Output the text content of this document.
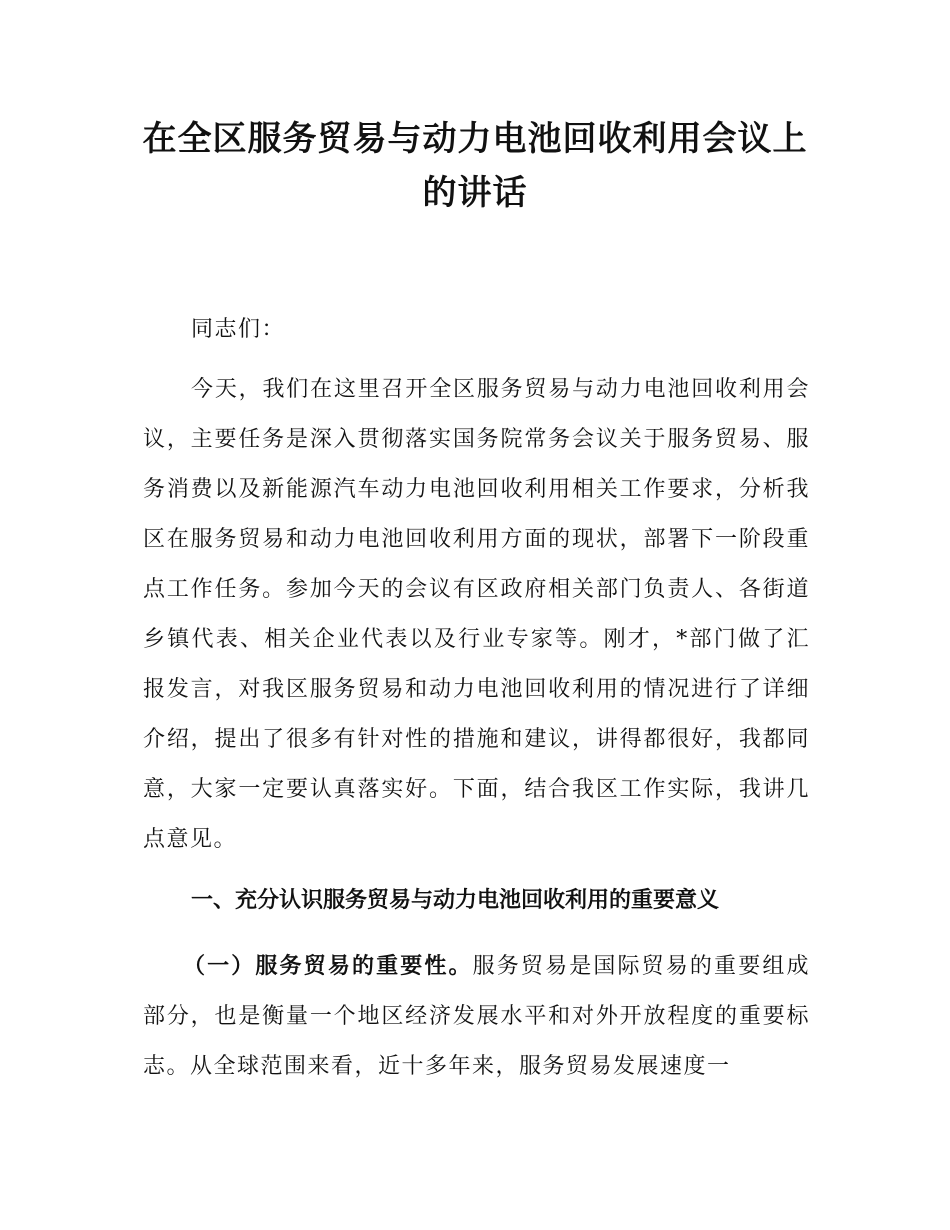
在全区服务贸易与动力电池回收利用会议上的讲话

同志们：

今天，我们在这里召开全区服务贸易与动力电池回收利用会议，主要任务是深入贯彻落实国务院常务会议关于服务贸易、服务消费以及新能源汽车动力电池回收利用相关工作要求，分析我区在服务贸易和动力电池回收利用方面的现状，部署下一阶段重点工作任务。参加今天的会议有区政府相关部门负责人、各街道乡镇代表、相关企业代表以及行业专家等。刚才，*部门做了汇报发言，对我区服务贸易和动力电池回收利用的情况进行了详细介绍，提出了很多有针对性的措施和建议，讲得都很好，我都同意，大家一定要认真落实好。下面，结合我区工作实际，我讲几点意见。

一、充分认识服务贸易与动力电池回收利用的重要意义

（一）服务贸易的重要性。服务贸易是国际贸易的重要组成部分，也是衡量一个地区经济发展水平和对外开放程度的重要标志。从全球范围来看，近十多年来，服务贸易发展速度一
